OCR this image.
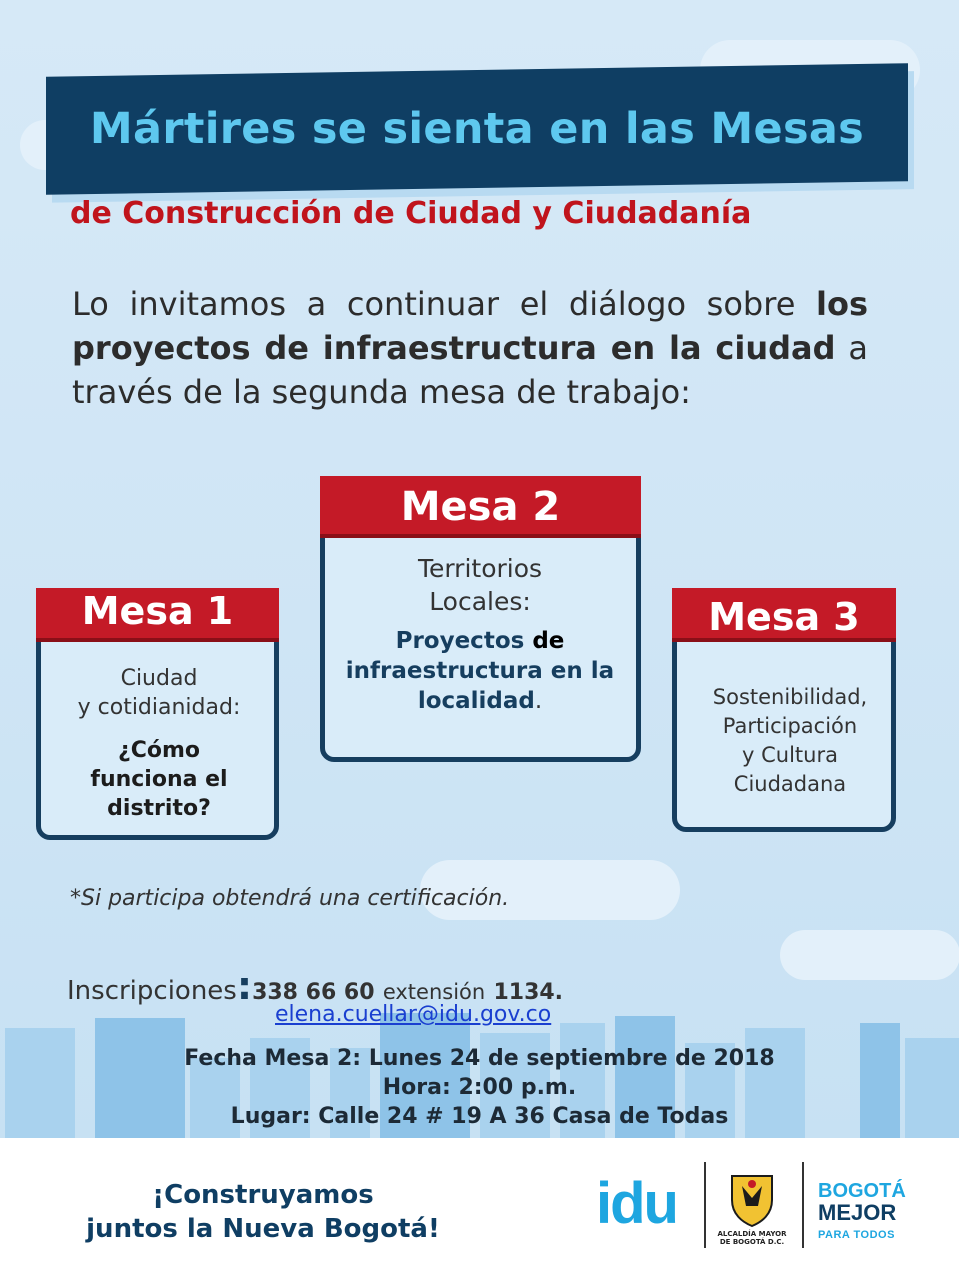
Mártires se sienta en las Mesas
de Construcción de Ciudad y Ciudadanía
Lo invitamos a continuar el diálogo sobre los proyectos de infraestructura en la ciudad a través de la segunda mesa de trabajo:
Mesa 1
Ciudad
y cotidianidad:
¿Cómo funciona el distrito?
Mesa 2
Territorios
Locales:
Proyectos de
infraestructura en la localidad.
Mesa 3
Sostenibilidad,
Participación
y Cultura
Ciudadana
*Si participa obtendrá una certificación.
Inscripciones:338 66 60 extensión 1134.
elena.cuellar@idu.gov.co
Fecha Mesa 2: Lunes 24 de septiembre de 2018
Hora: 2:00 p.m.
Lugar: Calle 24 # 19 A 36 Casa de Todas
¡Construyamos
juntos la Nueva Bogotá!	idu	ALCALDÍA MAYOR DE BOGOTÁ D.C.
BOGOTÁ
MEJOR
PARA TODOS
